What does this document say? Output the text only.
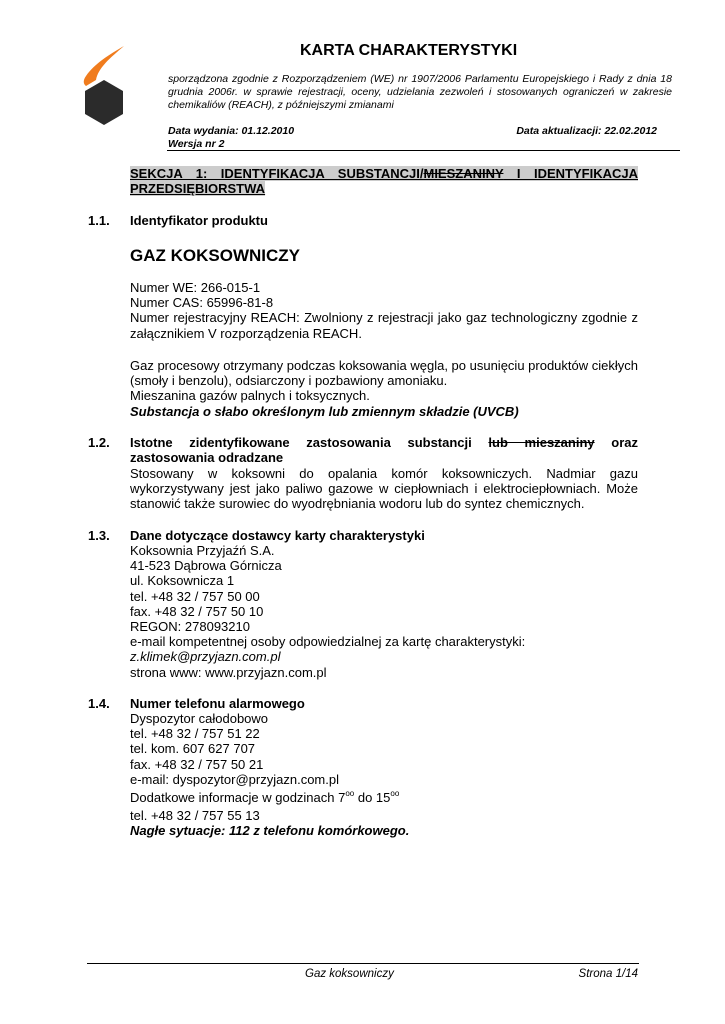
KARTA CHARAKTERYSTYKI
sporządzona zgodnie z Rozporządzeniem (WE) nr 1907/2006 Parlamentu Europejskiego i Rady z dnia 18 grudnia 2006r. w sprawie rejestracji, oceny, udzielania zezwoleń i stosowanych ograniczeń w zakresie chemikaliów (REACH), z późniejszymi zmianami
Data wydania: 01.12.2010
Wersja nr 2
Data aktualizacji: 22.02.2012
SEKCJA 1: IDENTYFIKACJA SUBSTANCJI/MIESZANINY I IDENTYFIKACJA PRZEDSIĘBIORSTWA
1.1. Identyfikator produktu
GAZ KOKSOWNICZY
Numer WE: 266-015-1
Numer CAS: 65996-81-8
Numer rejestracyjny REACH: Zwolniony z rejestracji jako gaz technologiczny zgodnie z załącznikiem V rozporządzenia REACH.
Gaz procesowy otrzymany podczas koksowania węgla, po usunięciu produktów ciekłych (smoły i benzolu), odsiarczony i pozbawiony amoniaku.
Mieszanina gazów palnych i toksycznych.
Substancja o słabo określonym lub zmiennym składzie (UVCB)
1.2. Istotne zidentyfikowane zastosowania substancji lub mieszaniny oraz zastosowania odradzane
Stosowany w koksowni do opalania komór koksowniczych. Nadmiar gazu wykorzystywany jest jako paliwo gazowe w ciepłowniach i elektrociepłowniach. Może stanowić także surowiec do wyodrębniania wodoru lub do syntez chemicznych.
1.3. Dane dotyczące dostawcy karty charakterystyki
Koksownia Przyjaźń S.A.
41-523 Dąbrowa Górnicza
ul. Koksownicza 1
tel. +48 32 / 757 50 00
fax. +48 32 / 757 50 10
REGON: 278093210
e-mail kompetentnej osoby odpowiedzialnej za kartę charakterystyki:
z.klimek@przyjazn.com.pl
strona www: www.przyjazn.com.pl
1.4. Numer telefonu alarmowego
Dyspozytor całodobowo
tel. +48 32 / 757 51 22
tel. kom. 607 627 707
fax. +48 32 / 757 50 21
e-mail: dyspozytor@przyjazn.com.pl
Dodatkowe informacje w godzinach $7^{oo}$ do $15^{oo}$
tel. +48 32 / 757 55 13
Nagłe sytuacje: 112 z telefonu komórkowego.
Gaz koksowniczy	Strona 1/14
